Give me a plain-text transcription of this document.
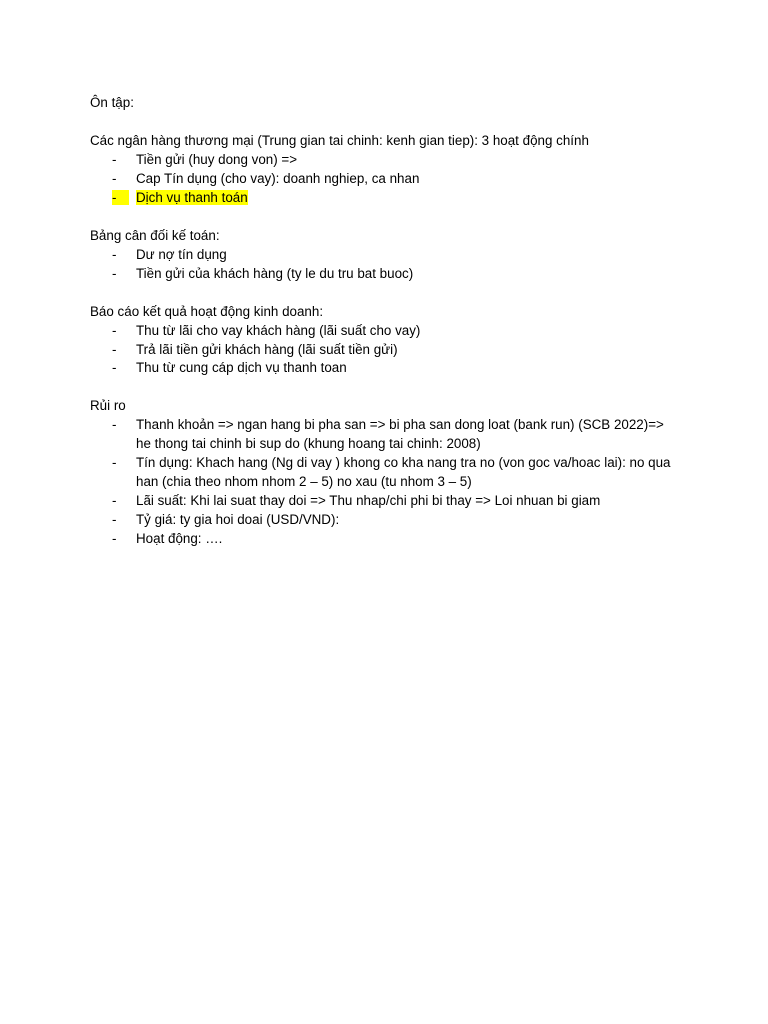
Ôn tập:
Các ngân hàng thương mại (Trung gian tai chinh: kenh gian tiep): 3 hoạt động chính
-	Tiền gửi (huy dong von) =>
-	Cap Tín dụng (cho vay): doanh nghiep, ca nhan
-	Dịch vụ thanh toán
Bảng cân đối kế toán:
-	Dư nợ tín dụng
-	Tiền gửi của khách hàng (ty le du tru bat buoc)
Báo cáo kết quả hoạt động kinh doanh:
-	Thu từ lãi cho vay khách hàng (lãi suất cho vay)
-	Trả lãi tiền gửi khách hàng (lãi suất tiền gửi)
-	Thu từ cung cáp dịch vụ thanh toan
Rủi ro
-	Thanh khoản => ngan hang bi pha san => bi pha san dong loat (bank run) (SCB 2022)=> he thong tai chinh bi sup do (khung hoang tai chinh: 2008)
-	Tín dụng: Khach hang (Ng di vay ) khong co kha nang tra no (von goc va/hoac lai): no qua han (chia theo nhom nhom 2 – 5) no xau (tu nhom 3 – 5)
-	Lãi suất: Khi lai suat thay doi => Thu nhap/chi phi bi thay => Loi nhuan bi giam
-	Tỷ giá: ty gia hoi doai (USD/VND):
-	Hoạt động: ….
